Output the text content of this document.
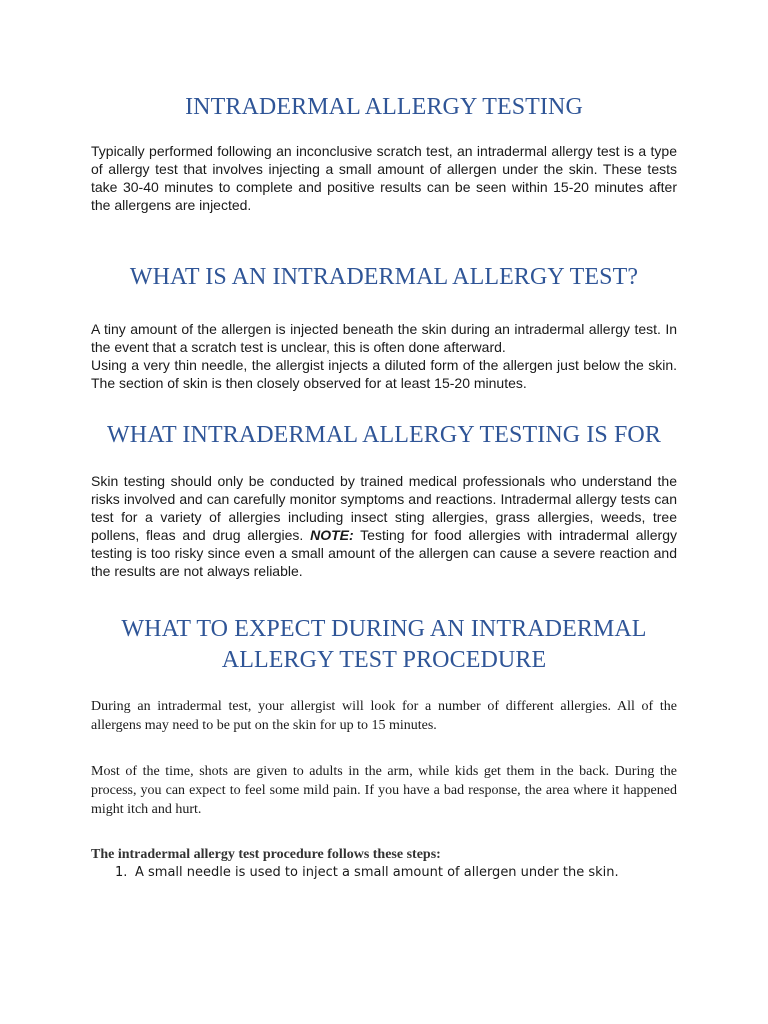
INTRADERMAL ALLERGY TESTING

Typically performed following an inconclusive scratch test, an intradermal allergy test is a type of allergy test that involves injecting a small amount of allergen under the skin. These tests take 30-40 minutes to complete and positive results can be seen within 15-20 minutes after the allergens are injected.

WHAT IS AN INTRADERMAL ALLERGY TEST?

A tiny amount of the allergen is injected beneath the skin during an intradermal allergy test. In the event that a scratch test is unclear, this is often done afterward.

Using a very thin needle, the allergist injects a diluted form of the allergen just below the skin. The section of skin is then closely observed for at least 15-20 minutes.

WHAT INTRADERMAL ALLERGY TESTING IS FOR

Skin testing should only be conducted by trained medical professionals who understand the risks involved and can carefully monitor symptoms and reactions. Intradermal allergy tests can test for a variety of allergies including insect sting allergies, grass allergies, weeds, tree pollens, fleas and drug allergies. NOTE: Testing for food allergies with intradermal allergy testing is too risky since even a small amount of the allergen can cause a severe reaction and the results are not always reliable.

WHAT TO EXPECT DURING AN INTRADERMAL
ALLERGY TEST PROCEDURE

During an intradermal test, your allergist will look for a number of different allergies. All of the allergens may need to be put on the skin for up to 15 minutes.

Most of the time, shots are given to adults in the arm, while kids get them in the back. During the process, you can expect to feel some mild pain. If you have a bad response, the area where it happened might itch and hurt.

The intradermal allergy test procedure follows these steps:

1. A small needle is used to inject a small amount of allergen under the skin.
